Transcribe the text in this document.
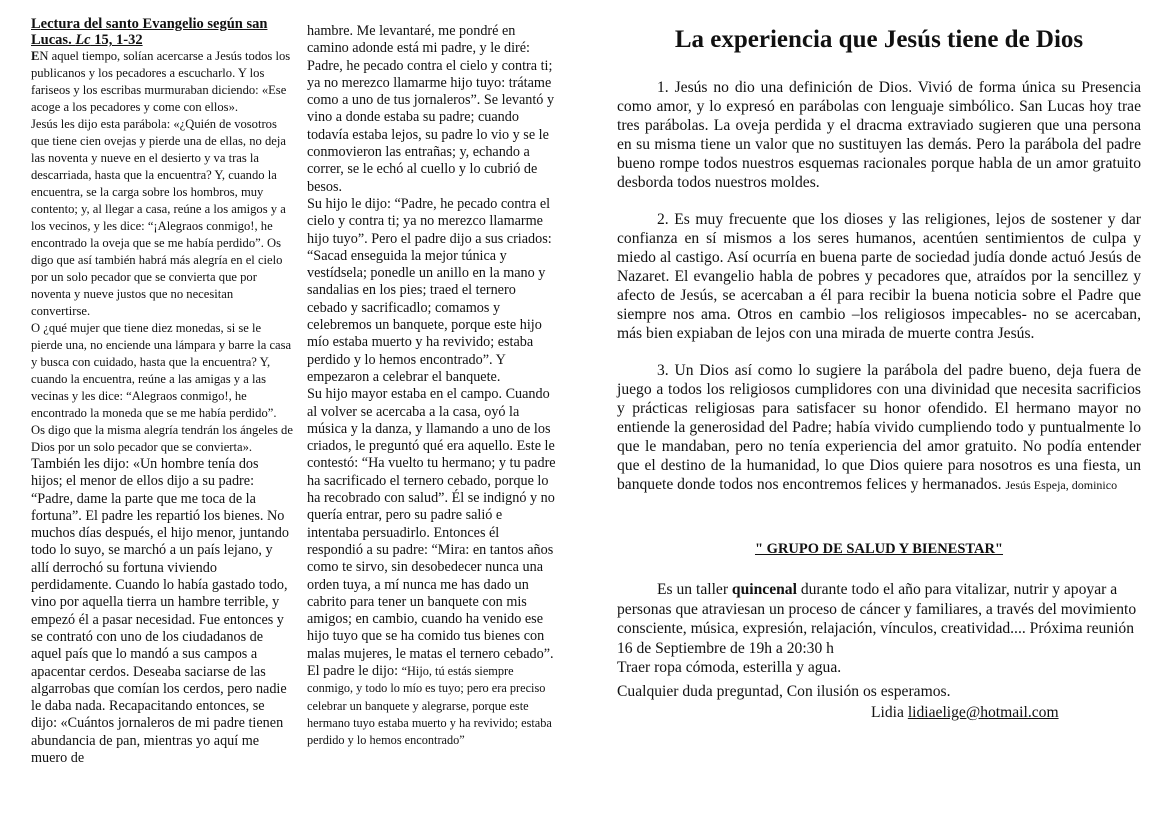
Lectura del santo Evangelio según san
Lucas. Lc 15, 1-32
EN aquel tiempo, solían acercarse a Jesús todos los publicanos y los pecadores a escucharlo. Y los fariseos y los escribas murmuraban diciendo: «Ese acoge a los pecadores y come con ellos».
Jesús les dijo esta parábola: «¿Quién de vosotros que tiene cien ovejas y pierde una de ellas, no deja las noventa y nueve en el desierto y va tras la descarriada, hasta que la encuentra? Y, cuando la encuentra, se la carga sobre los hombros, muy contento; y, al llegar a casa, reúne a los amigos y a los vecinos, y les dice: “¡Alegraos conmigo!, he encontrado la oveja que se me había perdido”. Os digo que así también habrá más alegría en el cielo por un solo pecador que se convierta que por noventa y nueve justos que no necesitan convertirse.
O ¿qué mujer que tiene diez monedas, si se le pierde una, no enciende una lámpara y barre la casa y busca con cuidado, hasta que la encuentra? Y, cuando la encuentra, reúne a las amigas y a las vecinas y les dice: “Alegraos conmigo!, he encontrado la moneda que se me había perdido”. Os digo que la misma alegría tendrán los ángeles de Dios por un solo pecador que se convierta».
También les dijo: «Un hombre tenía dos hijos; el menor de ellos dijo a su padre: “Padre, dame la parte que me toca de la fortuna”. El padre les repartió los bienes. No muchos días después, el hijo menor, juntando todo lo suyo, se marchó a un país lejano, y allí derrochó su fortuna viviendo perdidamente. Cuando lo había gastado todo, vino por aquella tierra un hambre terrible, y empezó él a pasar necesidad. Fue entonces y se contrató con uno de los ciudadanos de aquel país que lo mandó a sus campos a apacentar cerdos. Deseaba saciarse de las algarrobas que comían los cerdos, pero nadie le daba nada. Recapacitando entonces, se dijo: «Cuántos jornaleros de mi padre tienen abundancia de pan, mientras yo aquí me muero de
hambre. Me levantaré, me pondré en camino adonde está mi padre, y le diré: Padre, he pecado contra el cielo y contra ti; ya no merezco llamarme hijo tuyo: trátame como a uno de tus jornaleros”. Se levantó y vino a donde estaba su padre; cuando todavía estaba lejos, su padre lo vio y se le conmovieron las entrañas; y, echando a correr, se le echó al cuello y lo cubrió de besos.
Su hijo le dijo: “Padre, he pecado contra el cielo y contra ti; ya no merezco llamarme hijo tuyo”. Pero el padre dijo a sus criados: “Sacad enseguida la mejor túnica y vestídsela; ponedle un anillo en la mano y sandalias en los pies; traed el ternero cebado y sacrificadlo; comamos y celebremos un banquete, porque este hijo mío estaba muerto y ha revivido; estaba perdido y lo hemos encontrado”. Y empezaron a celebrar el banquete.
Su hijo mayor estaba en el campo. Cuando al volver se acercaba a la casa, oyó la música y la danza, y llamando a uno de los criados, le preguntó qué era aquello. Este le contestó: “Ha vuelto tu hermano; y tu padre ha sacrificado el ternero cebado, porque lo ha recobrado con salud”. Él se indignó y no quería entrar, pero su padre salió e intentaba persuadirlo. Entonces él respondió a su padre: “Mira: en tantos años como te sirvo, sin desobedecer nunca una orden tuya, a mí nunca me has dado un cabrito para tener un banquete con mis amigos; en cambio, cuando ha venido ese hijo tuyo que se ha comido tus bienes con malas mujeres, le matas el ternero cebado”. El padre le dijo: “Hijo, tú estás siempre conmigo, y todo lo mío es tuyo; pero era preciso celebrar un banquete y alegrarse, porque este hermano tuyo estaba muerto y ha revivido; estaba perdido y lo hemos encontrado”
La experiencia que Jesús tiene de Dios

1. Jesús no dio una definición de Dios. Vivió de forma única su Presencia como amor, y lo expresó en parábolas con lenguaje simbólico. San Lucas hoy trae tres parábolas. La oveja perdida y el dracma extraviado sugieren que una persona en su misma tiene un valor que no sustituyen las demás. Pero la parábola del padre bueno rompe todos nuestros esquemas racionales porque habla de un amor gratuito desborda todos nuestros moldes.

2. Es muy frecuente que los dioses y las religiones, lejos de sostener y dar confianza en sí mismos a los seres humanos, acentúen sentimientos de culpa y miedo al castigo. Así ocurría en buena parte de sociedad judía donde actuó Jesús de Nazaret. El evangelio habla de pobres y pecadores que, atraídos por la sencillez y afecto de Jesús, se acercaban a él para recibir la buena noticia sobre el Padre que siempre nos ama. Otros en cambio –los religiosos impecables- no se acercaban, más bien expiaban de lejos con una mirada de muerte contra Jesús.

3. Un Dios así como lo sugiere la parábola del padre bueno, deja fuera de juego a todos los religiosos cumplidores con una divinidad que necesita sacrificios y prácticas religiosas para satisfacer su honor ofendido. El hermano mayor no entiende la generosidad del Padre; había vivido cumpliendo todo y puntualmente lo que le mandaban, pero no tenía experiencia del amor gratuito. No podía entender que el destino de la humanidad, lo que Dios quiere para nosotros es una fiesta, un banquete donde todos nos encontremos felices y hermanados. Jesús Espeja, dominico

" GRUPO DE SALUD Y BIENESTAR"

Es un taller quincenal durante todo el año para vitalizar, nutrir y apoyar a personas que atraviesan un proceso de cáncer y familiares, a través del movimiento consciente, música, expresión, relajación, vínculos, creatividad.... Próxima reunión 16 de Septiembre de 19h a 20:30 h

Traer ropa cómoda, esterilla y agua.

Cualquier duda preguntad, Con ilusión os esperamos.

Lidia lidiaelige@hotmail.com
